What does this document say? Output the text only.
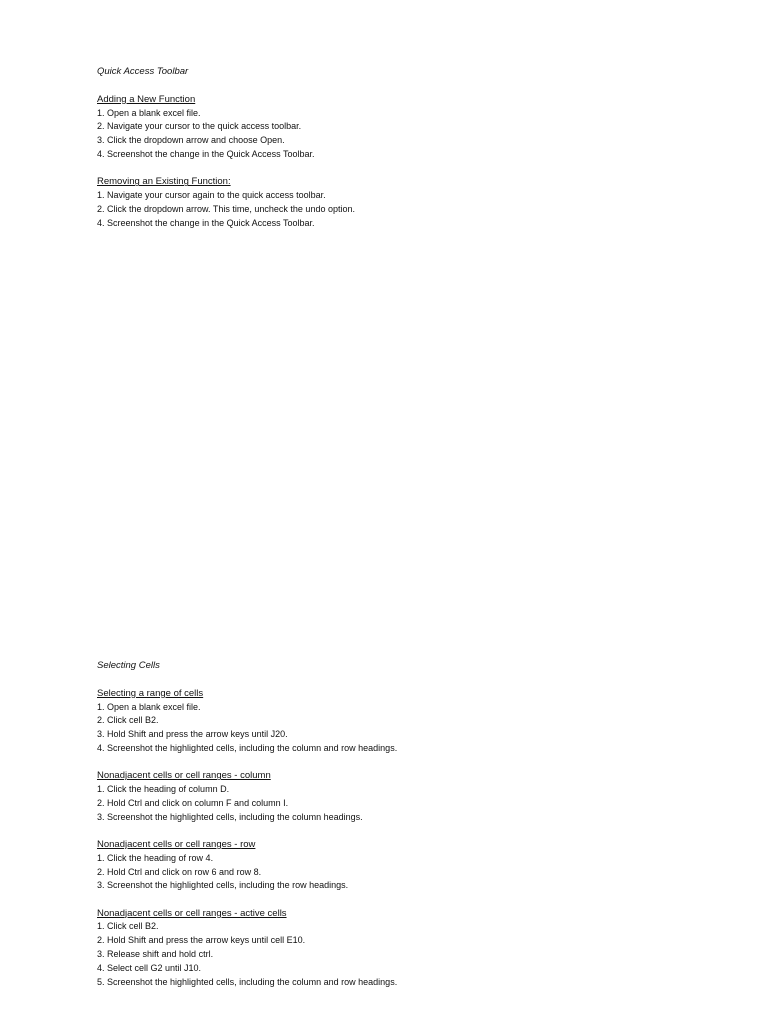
Quick Access Toolbar
Adding a New Function
1. Open a blank excel file.
2. Navigate your cursor to the quick access toolbar.
3. Click the dropdown arrow and choose Open.
4. Screenshot the change in the Quick Access Toolbar.
Removing an Existing Function:
1. Navigate your cursor again to the quick access toolbar.
2. Click the dropdown arrow. This time, uncheck the undo option.
4. Screenshot the change in the Quick Access Toolbar.
Selecting Cells
Selecting a range of cells
1. Open a blank excel file.
2. Click cell B2.
3. Hold Shift and press the arrow keys until J20.
4. Screenshot the highlighted cells, including the column and row headings.
Nonadjacent cells or cell ranges - column
1. Click the heading of column D.
2. Hold Ctrl and click on column F and column I.
3. Screenshot the highlighted cells, including the column headings.
Nonadjacent cells or cell ranges - row
1. Click the heading of row 4.
2. Hold Ctrl and click on row 6 and row 8.
3. Screenshot the highlighted cells, including the row headings.
Nonadjacent cells or cell ranges - active cells
1. Click cell B2.
2. Hold Shift and press the arrow keys until cell E10.
3. Release shift and hold ctrl.
4. Select cell G2 until J10.
5. Screenshot the highlighted cells, including the column and row headings.
